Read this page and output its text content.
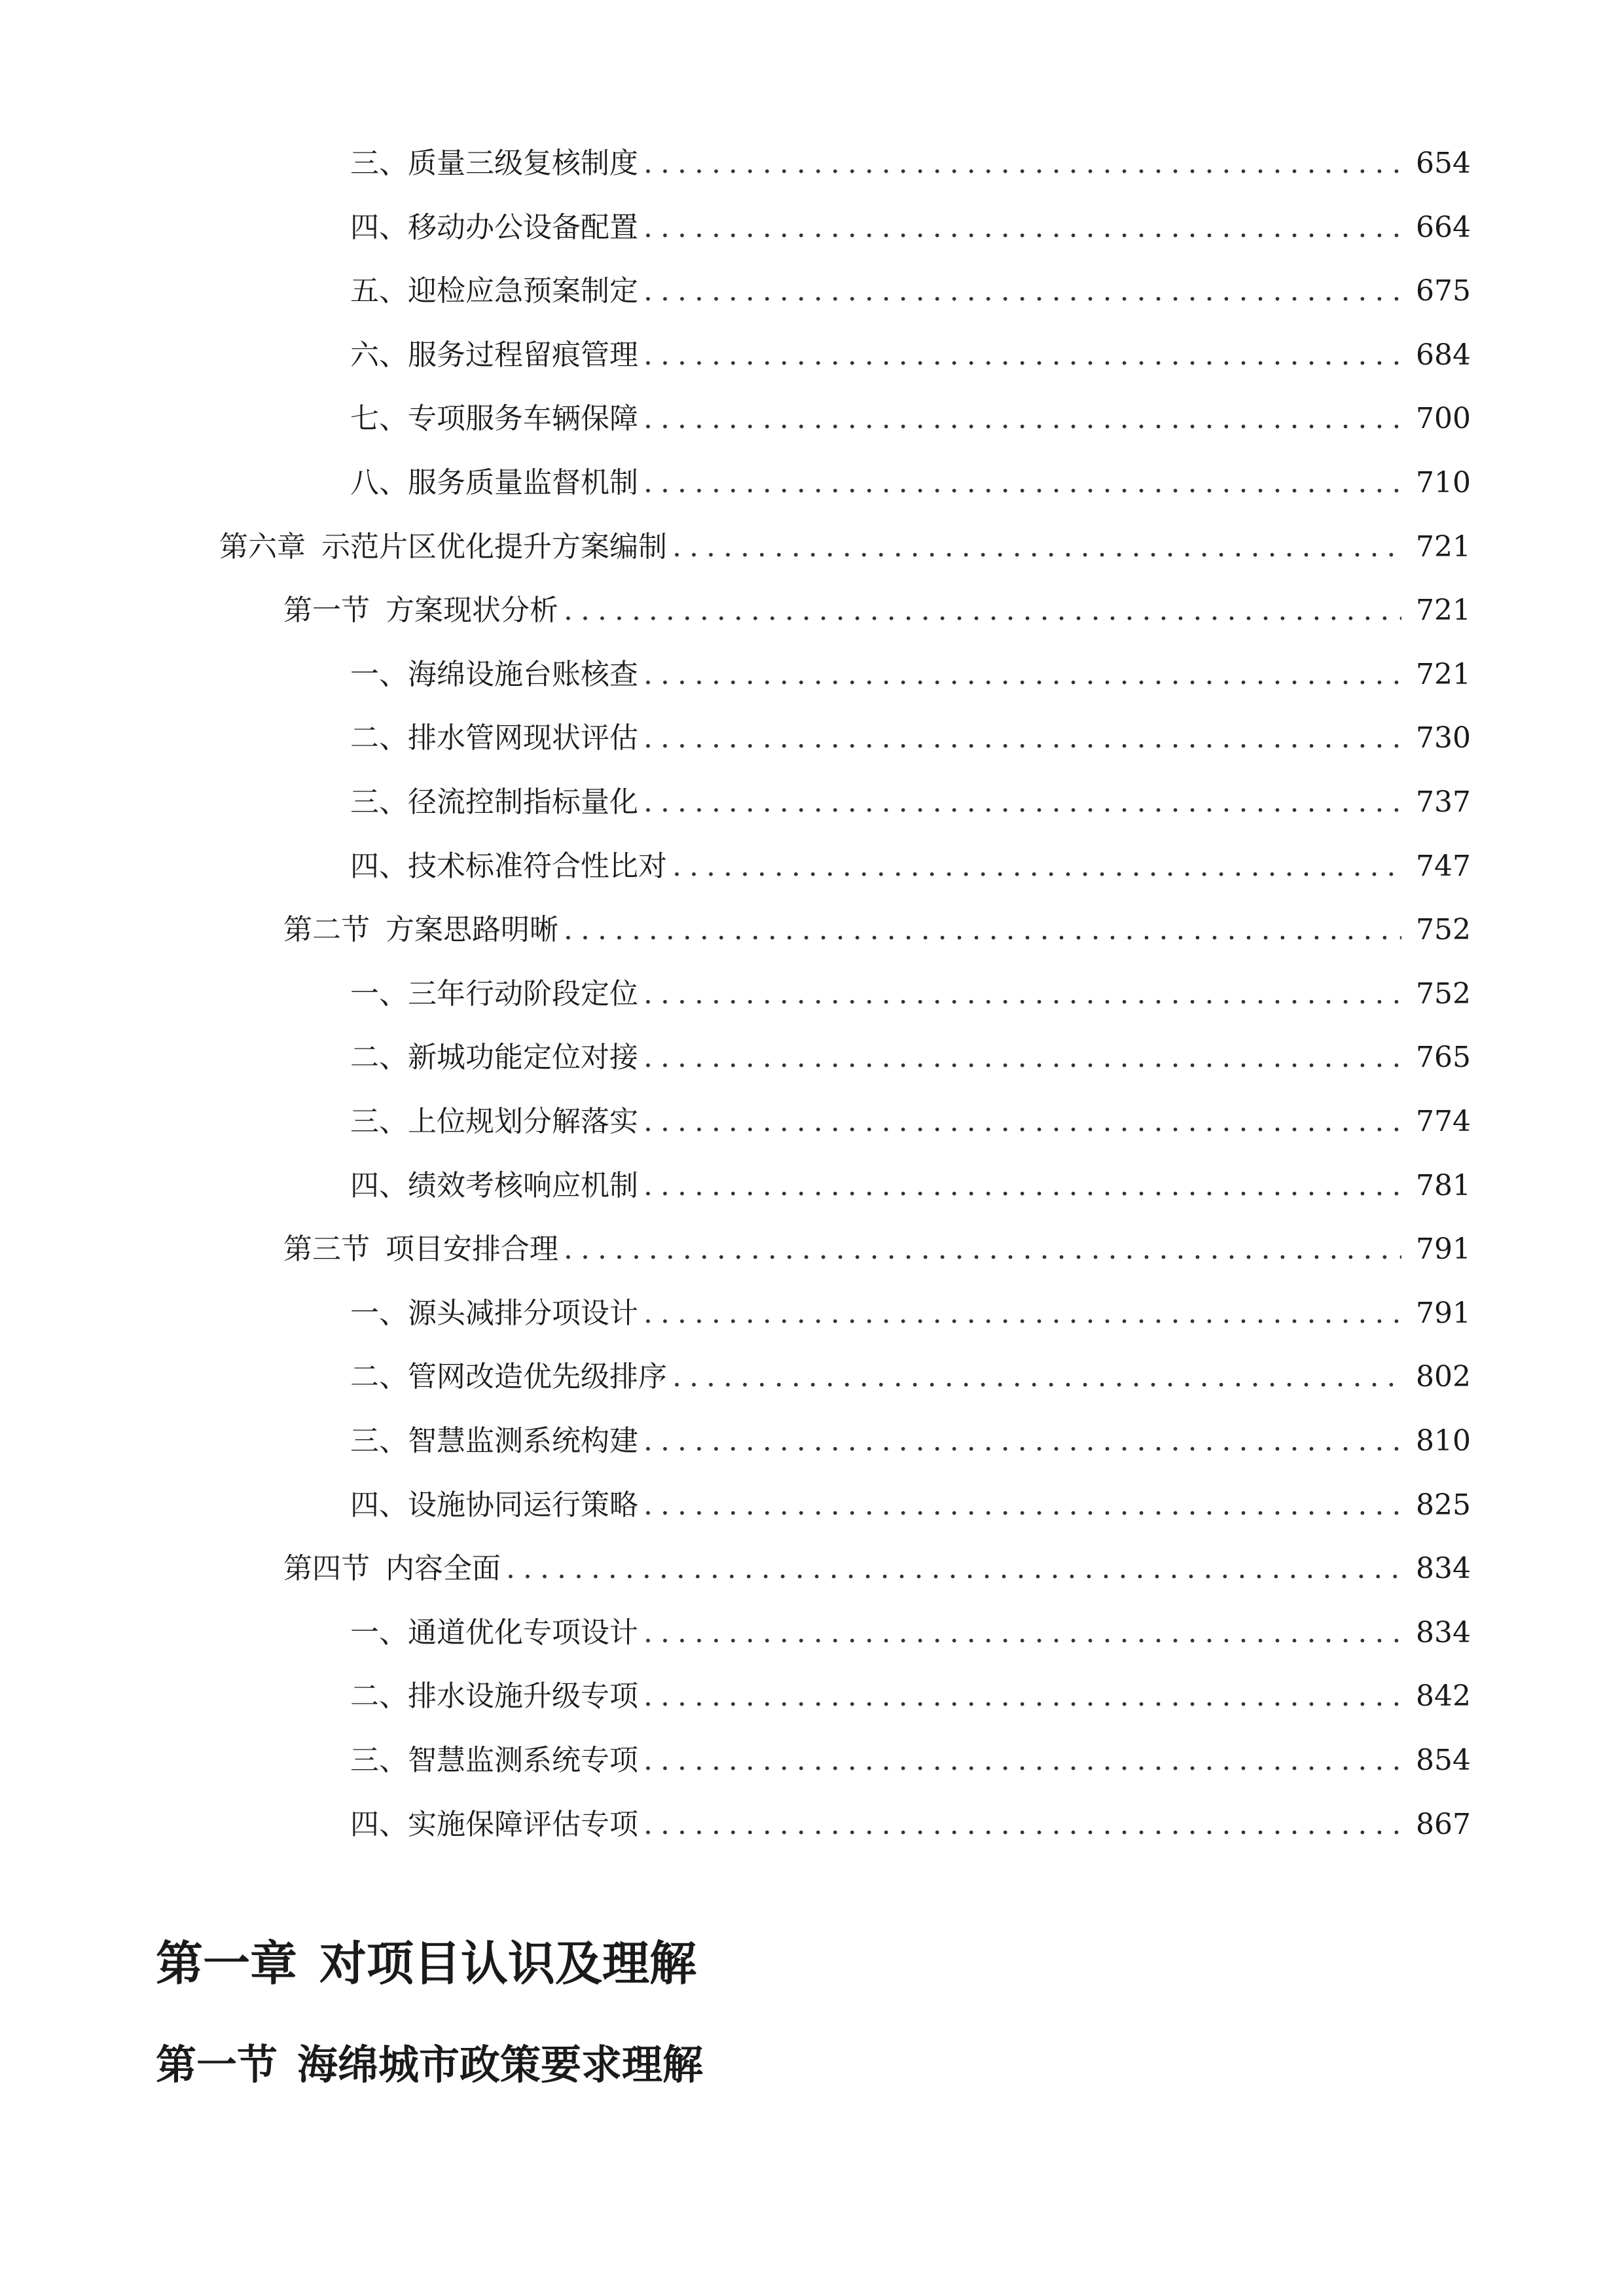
三、 质量三级复核制度 .....	654
四、 移动办公设备配置 .....	664
五、 迎检应急预案制定 .....	675
六、 服务过程留痕管理 .....	684
七、 专项服务车辆保障 .....	700
八、 服务质量监督机制 .....	710
第六章 示范片区优化提升方案编制 .....	721
第一节 方案现状分析 .....	721
一、 海绵设施台账核查 .....	721
二、 排水管网现状评估 .....	730
三、 径流控制指标量化 .....	737
四、 技术标准符合性比对 .....	747
第二节 方案思路明晰 .....	752
一、 三年行动阶段定位 .....	752
二、 新城功能定位对接 .....	765
三、 上位规划分解落实 .....	774
四、 绩效考核响应机制 .....	781
第三节 项目安排合理 .....	791
一、 源头减排分项设计 .....	791
二、 管网改造优先级排序 .....	802
三、 智慧监测系统构建 .....	810
四、 设施协同运行策略 .....	825
第四节 内容全面 .....	834
一、 通道优化专项设计 .....	834
二、 排水设施升级专项 .....	842
三、 智慧监测系统专项 .....	854
四、 实施保障评估专项 .....	867
第一章 对项目认识及理解
第一节 海绵城市政策要求理解
